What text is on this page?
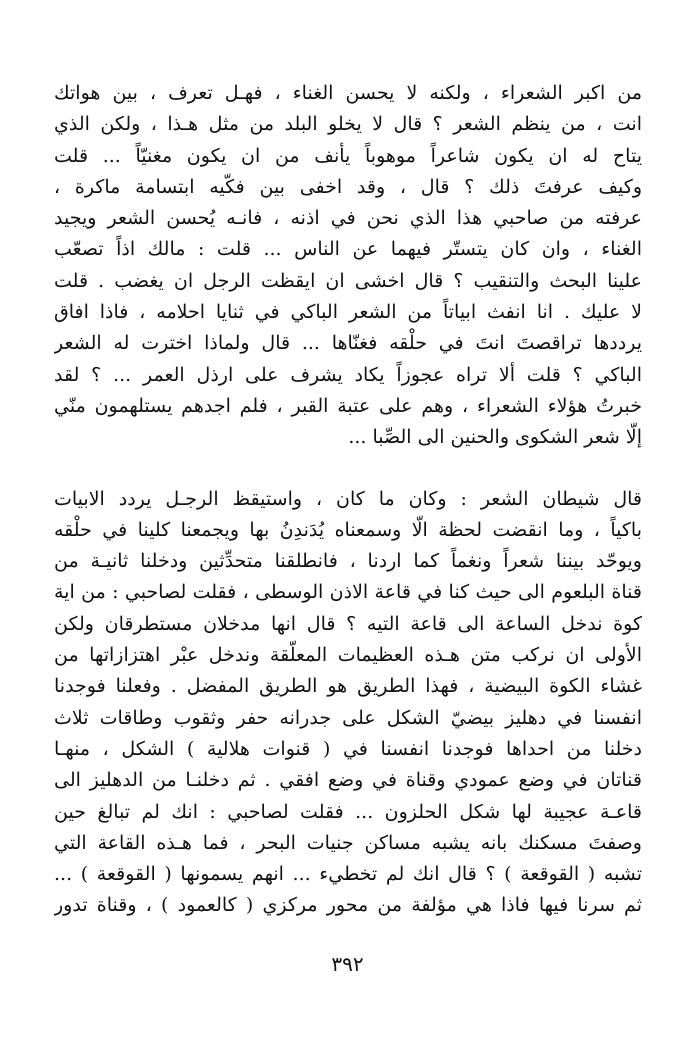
من اكبر الشعراء ، ولكنه لا يحسن الغناء ، فهـل تعرف ، بين هواتك
انت ، من ينظم الشعر ؟ قال لا يخلو البلد من مثل هـذا ، ولكن الذي
يتاح له ان يكون شاعراً موهوباً يأنف من ان يكون مغنيّاً ... قلت
وكيف عرفتَ ذلك ؟ قال ، وقد اخفى بين فكّيه ابتسامة ماكرة ،
عرفته من صاحبي هذا الذي نحن في اذنه ، فانـه يُحسن الشعر ويجيد
الغناء ، وان كان يتستّر فيهما عن الناس ... قلت : مالك اذاً تصعّب
علينا البحث والتنقيب ؟ قال اخشى ان ايقظت الرجل ان يغضب . قلت
لا عليك . انا انفث ابياتاً من الشعر الباكي في ثنايا احلامه ، فاذا افاق
يرددها تراقصتَ انتَ في حلْقه فغنّاها ... قال ولماذا اخترت له الشعر
الباكي ؟ قلت ألا تراه عجوزاً يكاد يشرف على ارذل العمر ... ؟ لقد
خبرتُ هؤلاء الشعراء ، وهم على عتبة القبر ، فلم اجدهم يستلهمون منّي
إلّا شعر الشكوى والحنين الى الصِّبا ...
قال شيطان الشعر : وكان ما كان ، واستيقظ الرجـل يردد الابيات
باكياً ، وما انقضت لحظة الّا وسمعناه يُدَندِنُ بها ويجمعنا كلينا في حلْقه
ويوحّد بيننا شعراً ونغماً كما اردنا ، فانطلقنا متحدِّثين ودخلنا ثانيـة من
قناة البلعوم الى حيث كنا في قاعة الاذن الوسطى ، فقلت لصاحبي : من اية
كوة ندخل الساعة الى قاعة التيه ؟ قال انها مدخلان مستطرقان ولكن
الأولى ان نركب متن هـذه العظيمات المعلّقة وندخل عبْر اهتزازاتها من
غشاء الكوة البيضية ، فهذا الطريق هو الطريق المفضل . وفعلنا فوجدنا
انفسنا في دهليز بيضيّ الشكل على جدرانه حفر وثقوب وطاقات ثلاث
دخلنا من احداها فوجدنا انفسنا في ( قنوات هلالية ) الشكل ، منهـا
قناتان في وضع عمودي وقناة في وضع افقي . ثم دخلنـا من الدهليز الى
قاعـة عجيبة لها شكل الحلزون ... فقلت لصاحبي : انك لم تبالغ حين
وصفتَ مسكنك بانه يشبه مساكن جنيات البحر ، فما هـذه القاعة التي
تشبه ( القوقعة ) ؟ قال انك لم تخطيء ... انهم يسمونها ( القوقعة ) ...
ثم سرنا فيها فاذا هي مؤلفة من محور مركزي ( كالعمود ) ، وقناة تدور
٣٩٢
